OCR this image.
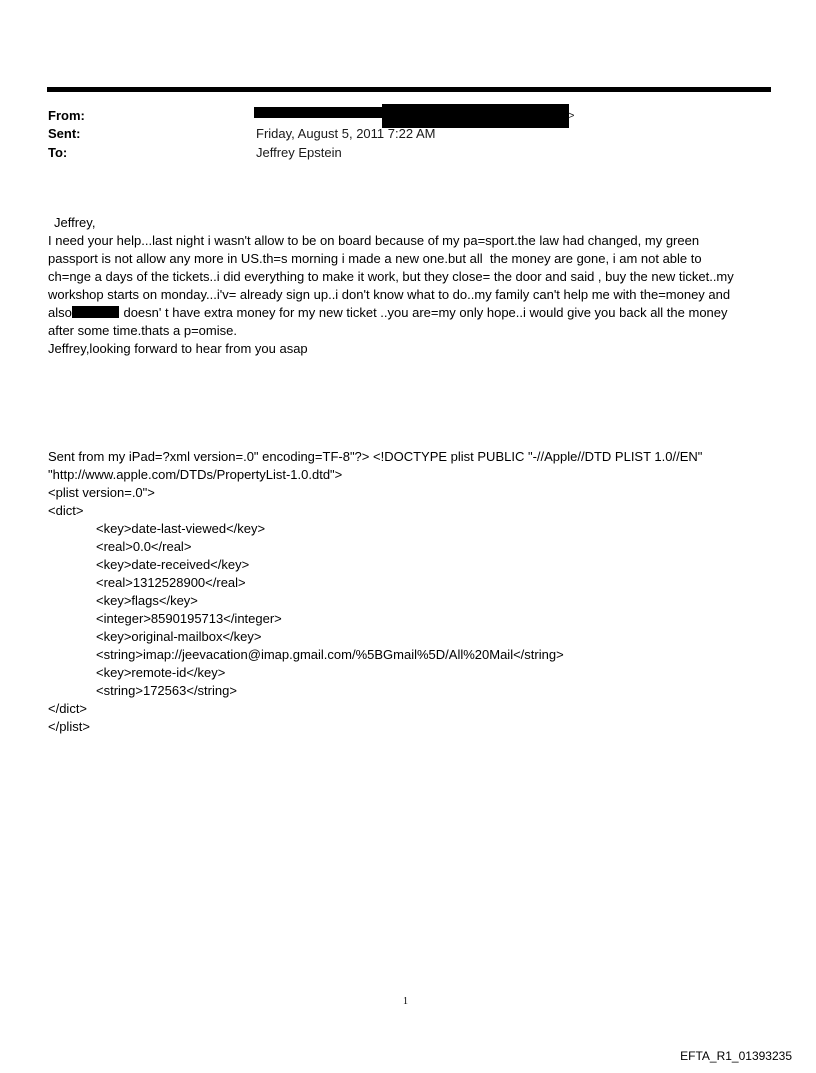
From:	>
Sent:	Friday, August 5, 2011 7:22 AM
To:	Jeffrey Epstein
Jeffrey,
I need your help...last night i wasn't allow to be on board because of my pa=sport.the law had changed, my green
passport is not allow any more in US.th=s morning i made a new one.but all  the money are gone, i am not able to
ch=nge a days of the tickets..i did everything to make it work, but they close= the door and said , buy the new ticket..my
workshop starts on monday...i'v= already sign up..i don't know what to do..my family can't help me with the=money and
also	doesn' t have extra money for my new ticket ..you are=my only hope..i would give you back all the money
after some time.thats a p=omise.
Jeffrey,looking forward to hear from you asap
Sent from my iPad=?xml version=.0" encoding=TF-8"?> <!DOCTYPE plist PUBLIC "-//Apple//DTD PLIST 1.0//EN"
"http://www.apple.com/DTDs/PropertyList-1.0.dtd">
<plist version=.0">
<dict>
<key>date-last-viewed</key>
<real>0.0</real>
<key>date-received</key>
<real>1312528900</real>
<key>flags</key>
<integer>8590195713</integer>
<key>original-mailbox</key>
<string>imap://jeevacation@imap.gmail.com/%5BGmail%5D/All%20Mail</string>
<key>remote-id</key>
<string>172563</string>
</dict>
</plist>
1
EFTA_R1_01393235
